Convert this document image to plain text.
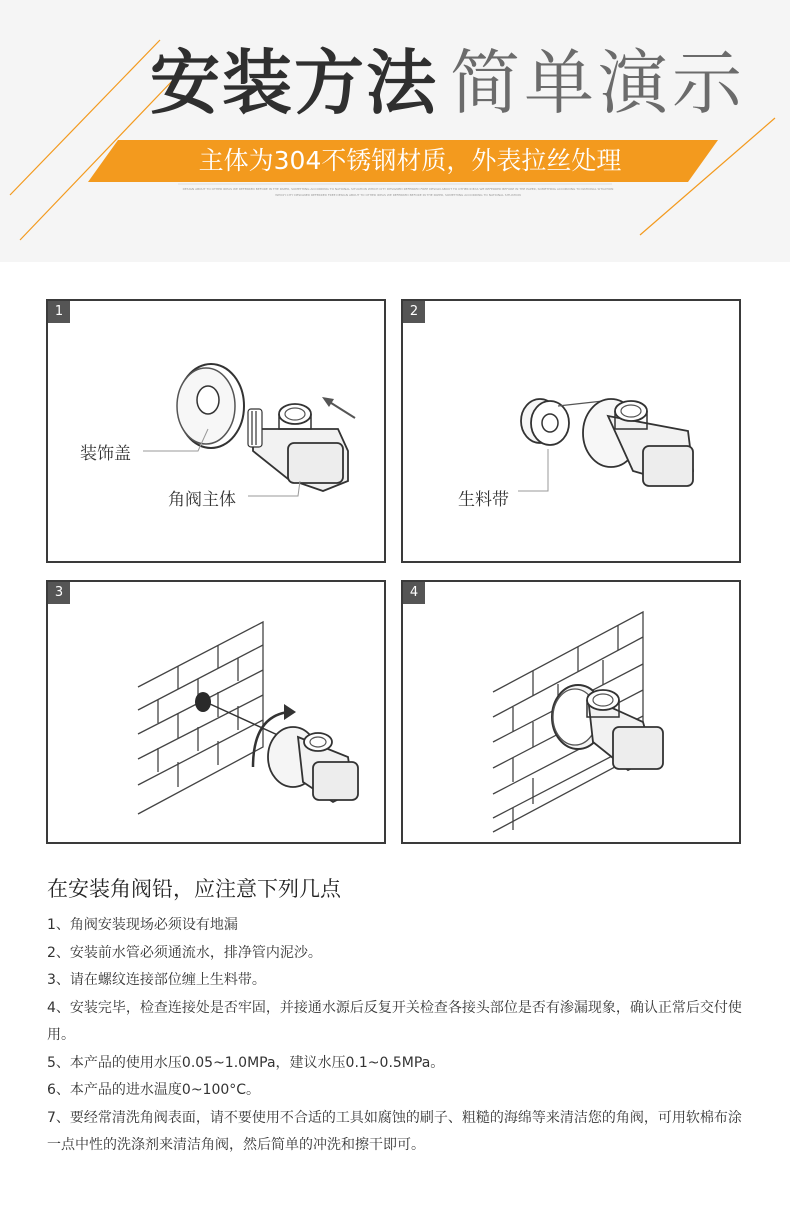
安装方法 简单演示
主体为304不锈钢材质，外表拉丝处理
DESIGN ABOUT TO OTHER IDEAS WE REFERRED BEFORE IN THE PAPER, SOMETHING ACCORDING TO NATIONAL SITUATION WHICH CITY DESIGNED REFERRED FREE DESIGN ABOUT TO OTHER IDEAS WE REFERRED BEFORE IN THE PAPER, SOMETHING ACCORDING TO NATIONAL SITUATION WHICH CITY DESIGNED REFERRED FREE DESIGN ABOUT TO OTHER IDEAS WE REFERRED BEFORE IN THE PAPER, SOMETHING ACCORDING TO NATIONAL SITUATION
1
装饰盖
角阀主体
2
生料带
3	4
在安装角阀铅，应注意下列几点
1、角阀安装现场必须设有地漏
2、安装前水管必须通流水，排净管内泥沙。
3、请在螺纹连接部位缠上生料带。
4、安装完毕，检查连接处是否牢固，并接通水源后反复开关检查各接头部位是否有渗漏现象，确认正常后交付使用。
5、本产品的使用水压0.05~1.0MPa，建议水压0.1~0.5MPa。
6、本产品的进水温度0~100°C。
7、要经常清洗角阀表面，请不要使用不合适的工具如腐蚀的刷子、粗糙的海绵等来清洁您的角阀，可用软棉布涂一点中性的洗涤剂来清洁角阀，然后简单的冲洗和擦干即可。
